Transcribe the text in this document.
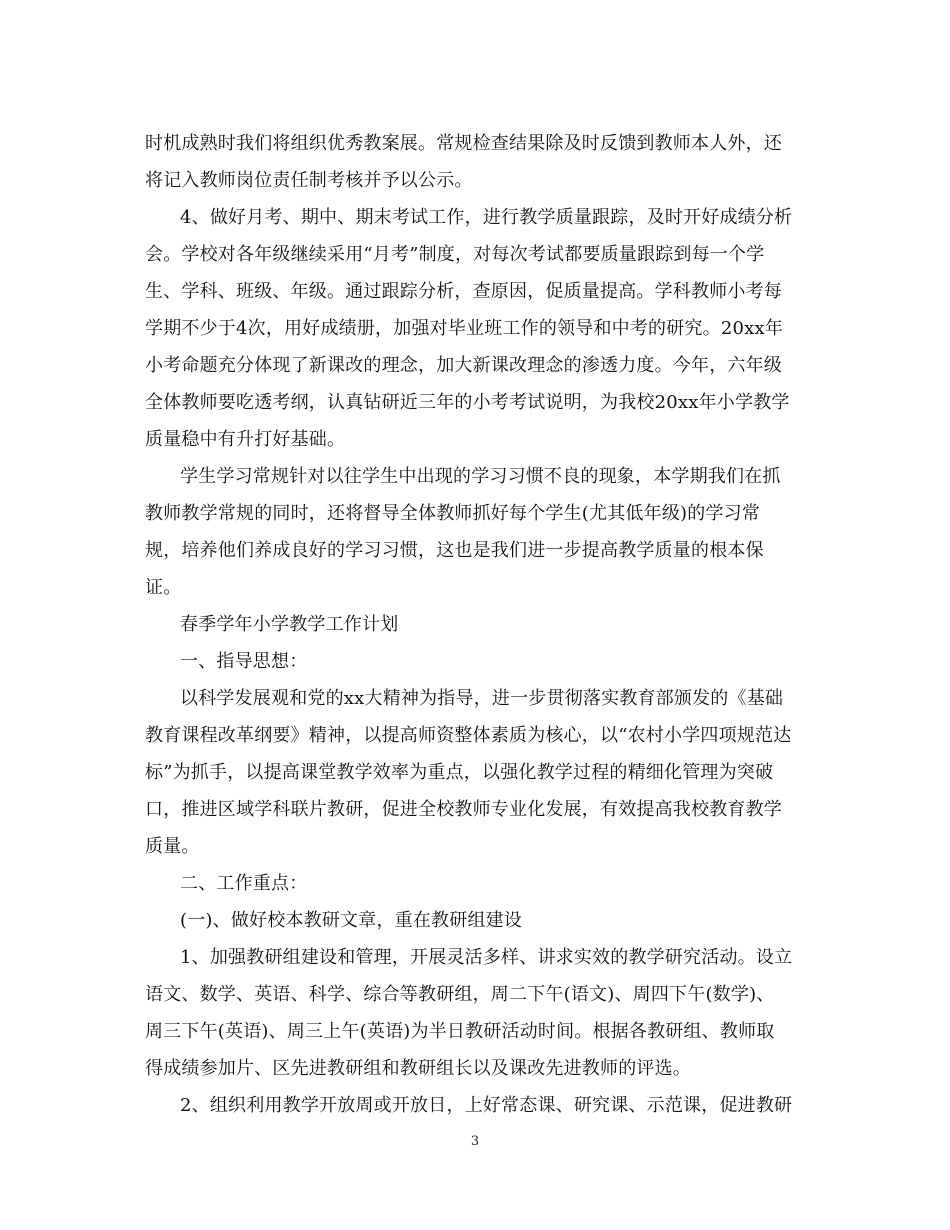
时机成熟时我们将组织优秀教案展。常规检查结果除及时反馈到教师本人外，还
将记入教师岗位责任制考核并予以公示。
4、做好月考、期中、期末考试工作，进行教学质量跟踪，及时开好成绩分析
会。学校对各年级继续采用“月考”制度，对每次考试都要质量跟踪到每一个学
生、学科、班级、年级。通过跟踪分析，查原因，促质量提高。学科教师小考每
学期不少于4次，用好成绩册，加强对毕业班工作的领导和中考的研究。20xx年
小考命题充分体现了新课改的理念，加大新课改理念的渗透力度。今年，六年级
全体教师要吃透考纲，认真钻研近三年的小考考试说明，为我校20xx年小学教学
质量稳中有升打好基础。
学生学习常规针对以往学生中出现的学习习惯不良的现象，本学期我们在抓
教师教学常规的同时，还将督导全体教师抓好每个学生(尤其低年级)的学习常
规，培养他们养成良好的学习习惯，这也是我们进一步提高教学质量的根本保
证。
春季学年小学教学工作计划
一、指导思想：
以科学发展观和党的xx大精神为指导，进一步贯彻落实教育部颁发的《基础
教育课程改革纲要》精神，以提高师资整体素质为核心，以“农村小学四项规范达
标”为抓手，以提高课堂教学效率为重点，以强化教学过程的精细化管理为突破
口，推进区域学科联片教研，促进全校教师专业化发展，有效提高我校教育教学
质量。
二、工作重点：
(一)、做好校本教研文章，重在教研组建设
1、加强教研组建设和管理，开展灵活多样、讲求实效的教学研究活动。设立
语文、数学、英语、科学、综合等教研组，周二下午(语文)、周四下午(数学)、
周三下午(英语)、周三上午(英语)为半日教研活动时间。根据各教研组、教师取
得成绩参加片、区先进教研组和教研组长以及课改先进教师的评选。
2、组织利用教学开放周或开放日，上好常态课、研究课、示范课，促进教研
3
